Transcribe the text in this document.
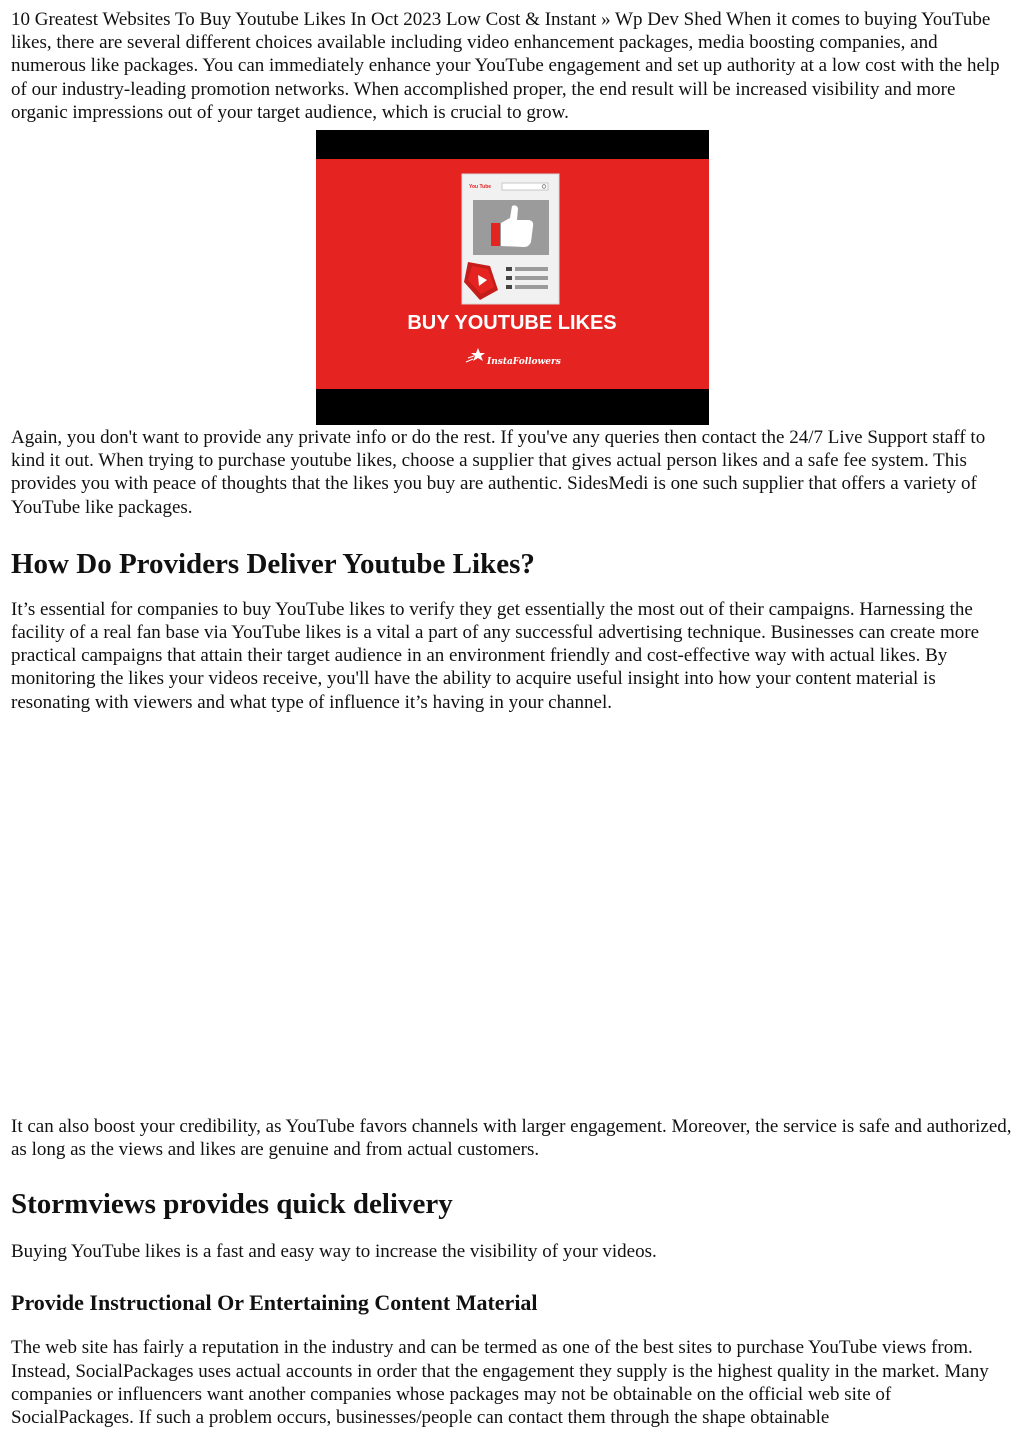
10 Greatest Websites To Buy Youtube Likes In Oct 2023 Low Cost & Instant » Wp Dev Shed When it comes to buying YouTube likes, there are several different choices available including video enhancement packages, media boosting companies, and numerous like packages. You can immediately enhance your YouTube engagement and set up authority at a low cost with the help of our industry-leading promotion networks. When accomplished proper, the end result will be increased visibility and more organic impressions out of your target audience, which is crucial to grow.

You Tube
BUY YOUTUBE LIKES
InstaFollowers

Again, you don't want to provide any private info or do the rest. If you've any queries then contact the 24/7 Live Support staff to kind it out. When trying to purchase youtube likes, choose a supplier that gives actual person likes and a safe fee system. This provides you with peace of thoughts that the likes you buy are authentic. SidesMedi is one such supplier that offers a variety of YouTube like packages.

How Do Providers Deliver Youtube Likes?

It’s essential for companies to buy YouTube likes to verify they get essentially the most out of their campaigns. Harnessing the facility of a real fan base via YouTube likes is a vital a part of any successful advertising technique. Businesses can create more practical campaigns that attain their target audience in an environment friendly and cost-effective way with actual likes. By monitoring the likes your videos receive, you'll have the ability to acquire useful insight into how your content material is resonating with viewers and what type of influence it’s having in your channel.

It can also boost your credibility, as YouTube favors channels with larger engagement. Moreover, the service is safe and authorized, as long as the views and likes are genuine and from actual customers.

Stormviews provides quick delivery

Buying YouTube likes is a fast and easy way to increase the visibility of your videos.

Provide Instructional Or Entertaining Content Material

The web site has fairly a reputation in the industry and can be termed as one of the best sites to purchase YouTube views from. Instead, SocialPackages uses actual accounts in order that the engagement they supply is the highest quality in the market. Many companies or influencers want another companies whose packages may not be obtainable on the official web site of SocialPackages. If such a problem occurs, businesses/people can contact them through the shape obtainable
